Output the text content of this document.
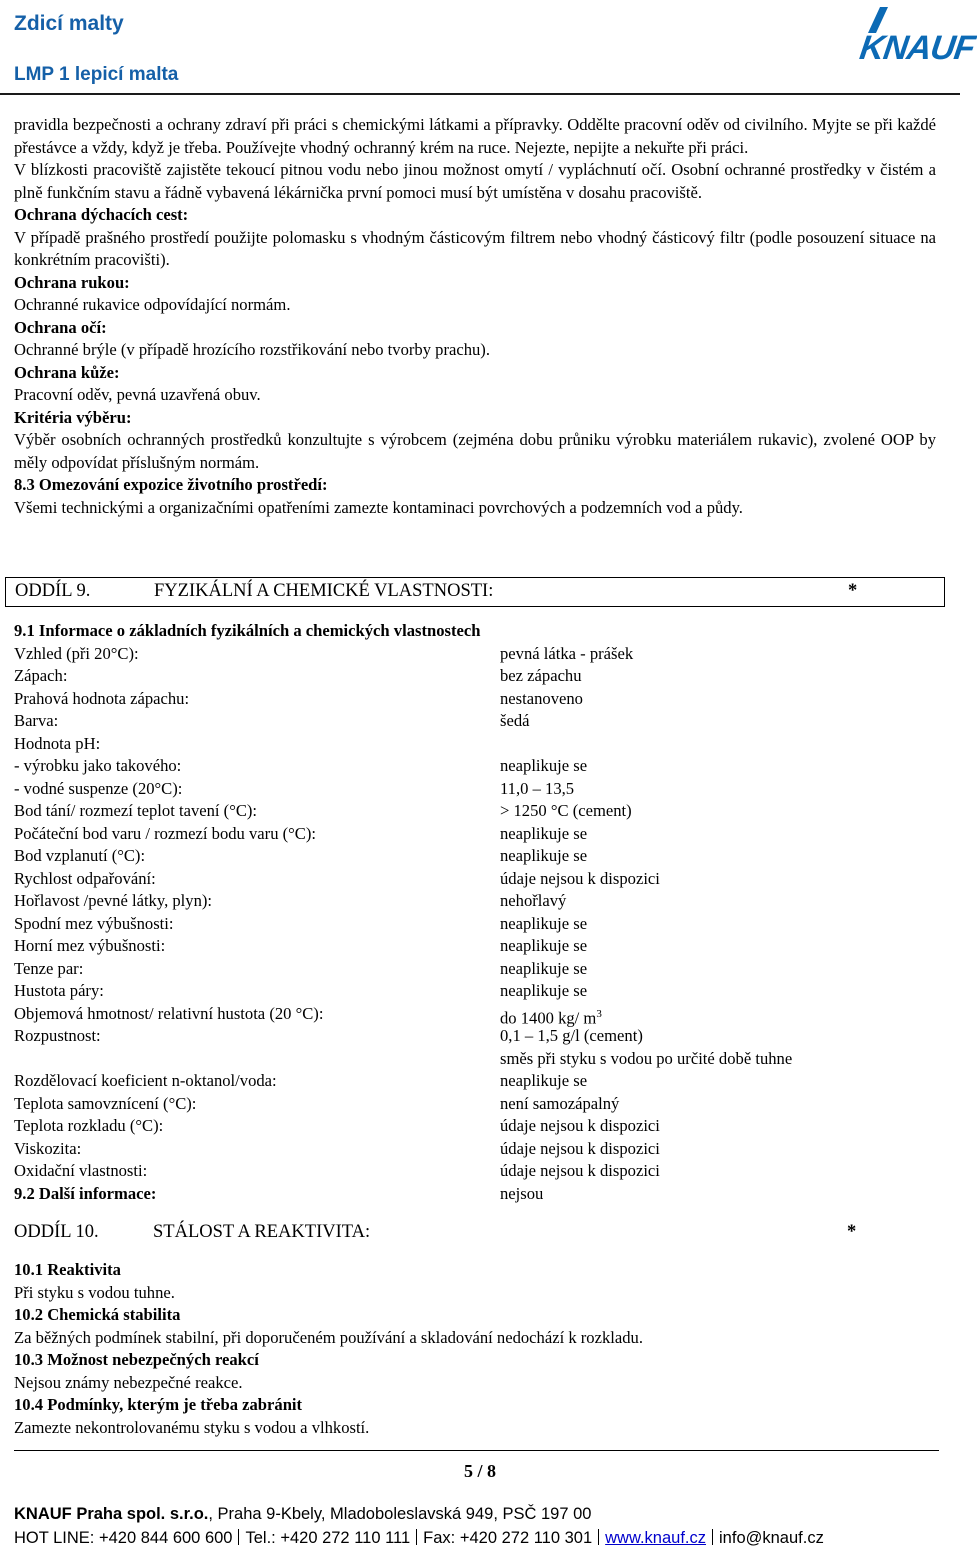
Zdicí malty
LMP 1 lepicí malta
KNAUF

pravidla bezpečnosti a ochrany zdraví při práci s chemickými látkami a přípravky. Oddělte pracovní oděv od civilního. Myjte se při každé přestávce a vždy, když je třeba. Používejte vhodný ochranný krém na ruce. Nejezte, nepijte a nekuřte při práci.

V blízkosti pracoviště zajistěte tekoucí pitnou vodu nebo jinou možnost omytí / vypláchnutí očí. Osobní ochranné prostředky v čistém a plně funkčním stavu a řádně vybavená lékárnička první pomoci musí být umístěna v dosahu pracoviště.

Ochrana dýchacích cest:

V případě prašného prostředí použijte polomasku s vhodným částicovým filtrem nebo vhodný částicový filtr (podle posouzení situace na konkrétním pracovišti).

Ochrana rukou:

Ochranné rukavice odpovídající normám.

Ochrana očí:

Ochranné brýle (v případě hrozícího rozstřikování nebo tvorby prachu).

Ochrana kůže:

Pracovní oděv, pevná uzavřená obuv.

Kritéria výběru:

Výběr osobních ochranných prostředků konzultujte s výrobcem (zejména dobu průniku výrobku materiálem rukavic), zvolené OOP by měly odpovídat příslušným normám.

8.3 Omezování expozice životního prostředí:

Všemi technickými a organizačními opatřeními zamezte kontaminaci povrchových a podzemních vod a půdy.

ODDÍL 9.	FYZIKÁLNÍ A CHEMICKÉ VLASTNOSTI:	*

9.1 Informace o základních fyzikálních a chemických vlastnostech

Vzhled (při 20°C):	pevná látka - prášek
Zápach:	bez zápachu
Prahová hodnota zápachu:	nestanoveno
Barva:	šedá
Hodnota pH:
- výrobku jako takového:	neaplikuje se
- vodné suspenze (20°C):	11,0 – 13,5
Bod tání/ rozmezí teplot tavení (°C):	> 1250 °C (cement)
Počáteční bod varu / rozmezí bodu varu (°C):	neaplikuje se
Bod vzplanutí (°C):	neaplikuje se
Rychlost odpařování:	údaje nejsou k dispozici
Hořlavost /pevné látky, plyn):	nehořlavý
Spodní mez výbušnosti:	neaplikuje se
Horní mez výbušnosti:	neaplikuje se
Tenze par:	neaplikuje se
Hustota páry:	neaplikuje se
Objemová hmotnost/ relativní hustota (20 °C):	do 1400 kg/ $m^3$
Rozpustnost:	0,1 – 1,5 g/l (cement)
směs při styku s vodou po určité době tuhne
Rozdělovací koeficient n-oktanol/voda:	neaplikuje se
Teplota samovznícení (°C):	není samozápalný
Teplota rozkladu (°C):	údaje nejsou k dispozici
Viskozita:	údaje nejsou k dispozici
Oxidační vlastnosti:	údaje nejsou k dispozici
9.2 Další informace:	nejsou
ODDÍL 10.	STÁLOST A REAKTIVITA:	*

10.1 Reaktivita

Při styku s vodou tuhne.

10.2 Chemická stabilita

Za běžných podmínek stabilní, při doporučeném používání a skladování nedochází k rozkladu.

10.3 Možnost nebezpečných reakcí

Nejsou známy nebezpečné reakce.

10.4 Podmínky, kterým je třeba zabránit

Zamezte nekontrolovanému styku s vodou a vlhkostí.

5 / 8
KNAUF Praha spol. s.r.o., Praha 9-Kbely, Mladoboleslavská 949, PSČ 197 00
HOT LINE: +420 844 600 600 Tel.: +420 272 110 111 Fax: +420 272 110 301 www.knauf.cz info@knauf.cz
